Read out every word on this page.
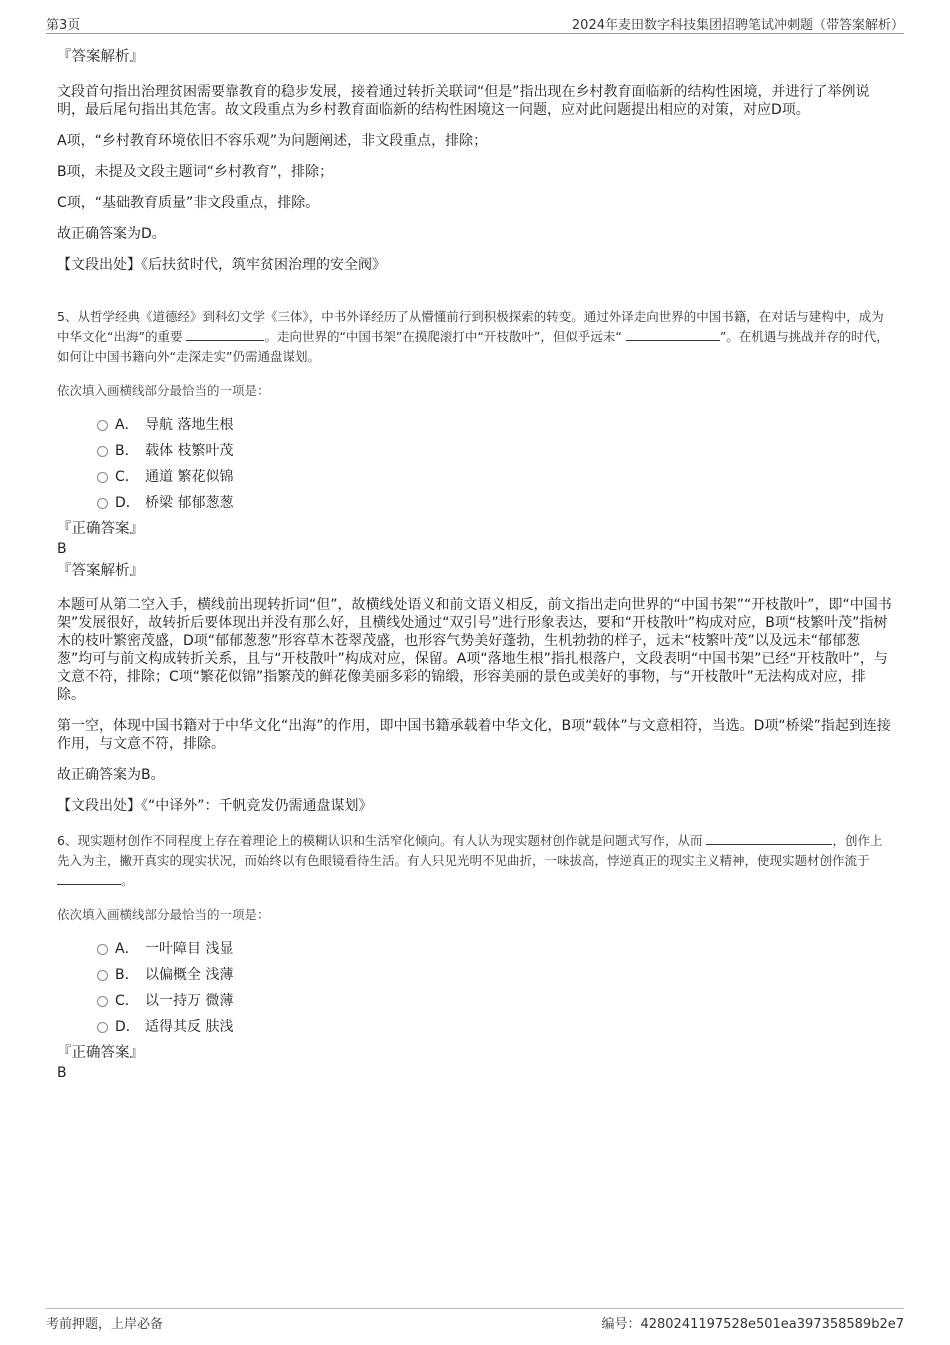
第3页	2024年麦田数字科技集团招聘笔试冲刺题（带答案解析）

『答案解析』

文段首句指出治理贫困需要靠教育的稳步发展，接着通过转折关联词“但是”指出现在乡村教育面临新的结构性困境，并进行了举例说明，最后尾句指出其危害。故文段重点为乡村教育面临新的结构性困境这一问题，应对此问题提出相应的对策，对应D项。

A项，“乡村教育环境依旧不容乐观”为问题阐述，非文段重点，排除；

B项，未提及文段主题词“乡村教育”，排除；

C项，“基础教育质量”非文段重点，排除。

故正确答案为D。

【文段出处】《后扶贫时代，筑牢贫困治理的安全阀》

5、从哲学经典《道德经》到科幻文学《三体》，中书外译经历了从懵懂前行到积极探索的转变。通过外译走向世界的中国书籍，在对话与建构中，成为中华文化“出海”的重要	。走向世界的“中国书架”在摸爬滚打中“开枝散叶”，但似乎远未“	”。在机遇与挑战并存的时代，如何让中国书籍向外“走深走实”仍需通盘谋划。

依次填入画横线部分最恰当的一项是：

A． 导航 落地生根
B． 载体 枝繁叶茂
C． 通道 繁花似锦
D． 桥梁 郁郁葱葱

『正确答案』

B

『答案解析』

本题可从第二空入手，横线前出现转折词“但”，故横线处语义和前文语义相反，前文指出走向世界的“中国书架”“开枝散叶”，即“中国书架”发展很好，故转折后要体现出并没有那么好，且横线处通过“双引号”进行形象表达，要和“开枝散叶”构成对应，B项“枝繁叶茂”指树木的枝叶繁密茂盛，D项“郁郁葱葱”形容草木苍翠茂盛，也形容气势美好蓬勃，生机勃勃的样子，远未“枝繁叶茂”以及远未“郁郁葱葱”均可与前文构成转折关系，且与“开枝散叶”构成对应，保留。A项“落地生根”指扎根落户，文段表明“中国书架”已经“开枝散叶”，与文意不符，排除；C项“繁花似锦”指繁茂的鲜花像美丽多彩的锦缎，形容美丽的景色或美好的事物，与“开枝散叶”无法构成对应，排除。

第一空，体现中国书籍对于中华文化“出海”的作用，即中国书籍承载着中华文化，B项“载体”与文意相符，当选。D项“桥梁”指起到连接作用，与文意不符，排除。

故正确答案为B。

【文段出处】《“中译外”：千帆竞发仍需通盘谋划》

6、现实题材创作不同程度上存在着理论上的模糊认识和生活窄化倾向。有人认为现实题材创作就是问题式写作，从而	，创作上先入为主，撇开真实的现实状况，而始终以有色眼镜看待生活。有人只见光明不见曲折，一味拔高，悖逆真正的现实主义精神，使现实题材创作流于 。

依次填入画横线部分最恰当的一项是：

A． 一叶障目 浅显
B． 以偏概全 浅薄
C． 以一持万 微薄
D． 适得其反 肤浅

『正确答案』

B

考前押题，上岸必备	编号：4280241197528e501ea397358589b2e7
